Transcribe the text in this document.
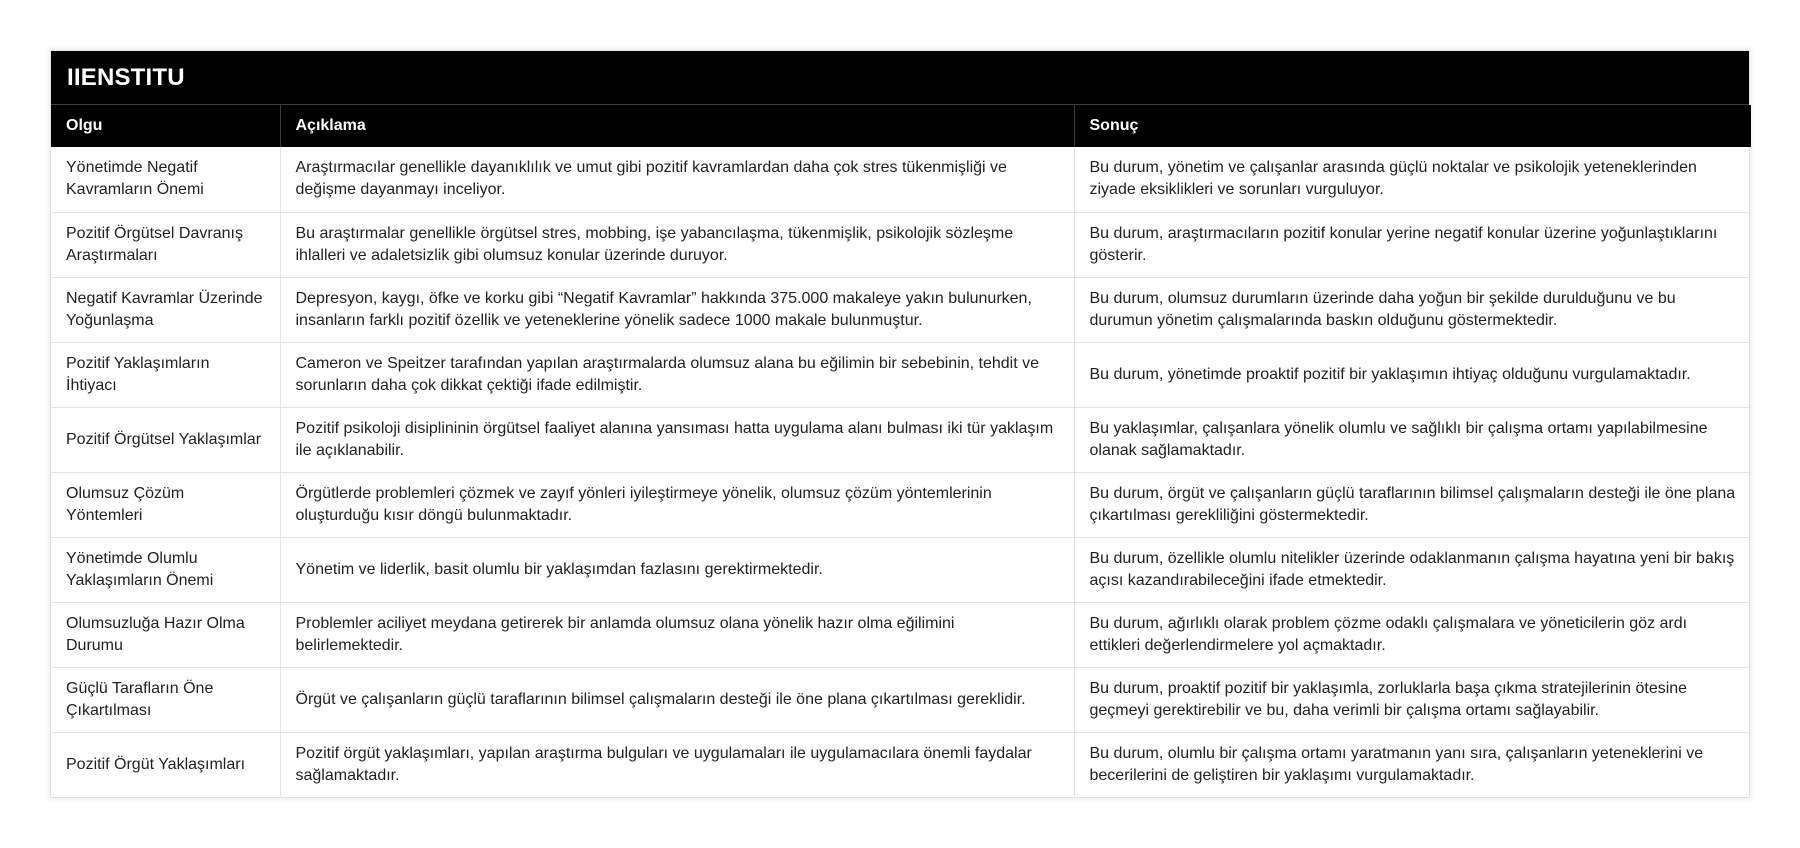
IIENSTITU
Olgu	Açıklama	Sonuç
Yönetimde Negatif Kavramların Önemi	Araştırmacılar genellikle dayanıklılık ve umut gibi pozitif kavramlardan daha çok stres tükenmişliği ve değişme dayanmayı inceliyor.	Bu durum, yönetim ve çalışanlar arasında güçlü noktalar ve psikolojik yeteneklerinden ziyade eksiklikleri ve sorunları vurguluyor.
Pozitif Örgütsel Davranış Araştırmaları	Bu araştırmalar genellikle örgütsel stres, mobbing, işe yabancılaşma, tükenmişlik, psikolojik sözleşme ihlalleri ve adaletsizlik gibi olumsuz konular üzerinde duruyor.	Bu durum, araştırmacıların pozitif konular yerine negatif konular üzerine yoğunlaştıklarını gösterir.
Negatif Kavramlar Üzerinde Yoğunlaşma	Depresyon, kaygı, öfke ve korku gibi “Negatif Kavramlar” hakkında 375.000 makaleye yakın bulunurken, insanların farklı pozitif özellik ve yeteneklerine yönelik sadece 1000 makale bulunmuştur.	Bu durum, olumsuz durumların üzerinde daha yoğun bir şekilde durulduğunu ve bu durumun yönetim çalışmalarında baskın olduğunu göstermektedir.
Pozitif Yaklaşımların İhtiyacı	Cameron ve Speitzer tarafından yapılan araştırmalarda olumsuz alana bu eğilimin bir sebebinin, tehdit ve sorunların daha çok dikkat çektiği ifade edilmiştir.	Bu durum, yönetimde proaktif pozitif bir yaklaşımın ihtiyaç olduğunu vurgulamaktadır.
Pozitif Örgütsel Yaklaşımlar	Pozitif psikoloji disiplininin örgütsel faaliyet alanına yansıması hatta uygulama alanı bulması iki tür yaklaşım ile açıklanabilir.	Bu yaklaşımlar, çalışanlara yönelik olumlu ve sağlıklı bir çalışma ortamı yapılabilmesine olanak sağlamaktadır.
Olumsuz Çözüm Yöntemleri	Örgütlerde problemleri çözmek ve zayıf yönleri iyileştirmeye yönelik, olumsuz çözüm yöntemlerinin oluşturduğu kısır döngü bulunmaktadır.	Bu durum, örgüt ve çalışanların güçlü taraflarının bilimsel çalışmaların desteği ile öne plana çıkartılması gerekliliğini göstermektedir.
Yönetimde Olumlu Yaklaşımların Önemi	Yönetim ve liderlik, basit olumlu bir yaklaşımdan fazlasını gerektirmektedir.	Bu durum, özellikle olumlu nitelikler üzerinde odaklanmanın çalışma hayatına yeni bir bakış açısı kazandırabileceğini ifade etmektedir.
Olumsuzluğa Hazır Olma Durumu	Problemler aciliyet meydana getirerek bir anlamda olumsuz olana yönelik hazır olma eğilimini belirlemektedir.	Bu durum, ağırlıklı olarak problem çözme odaklı çalışmalara ve yöneticilerin göz ardı ettikleri değerlendirmelere yol açmaktadır.
Güçlü Tarafların Öne Çıkartılması	Örgüt ve çalışanların güçlü taraflarının bilimsel çalışmaların desteği ile öne plana çıkartılması gereklidir.	Bu durum, proaktif pozitif bir yaklaşımla, zorluklarla başa çıkma stratejilerinin ötesine geçmeyi gerektirebilir ve bu, daha verimli bir çalışma ortamı sağlayabilir.
Pozitif Örgüt Yaklaşımları	Pozitif örgüt yaklaşımları, yapılan araştırma bulguları ve uygulamaları ile uygulamacılara önemli faydalar sağlamaktadır.	Bu durum, olumlu bir çalışma ortamı yaratmanın yanı sıra, çalışanların yeteneklerini ve becerilerini de geliştiren bir yaklaşımı vurgulamaktadır.
